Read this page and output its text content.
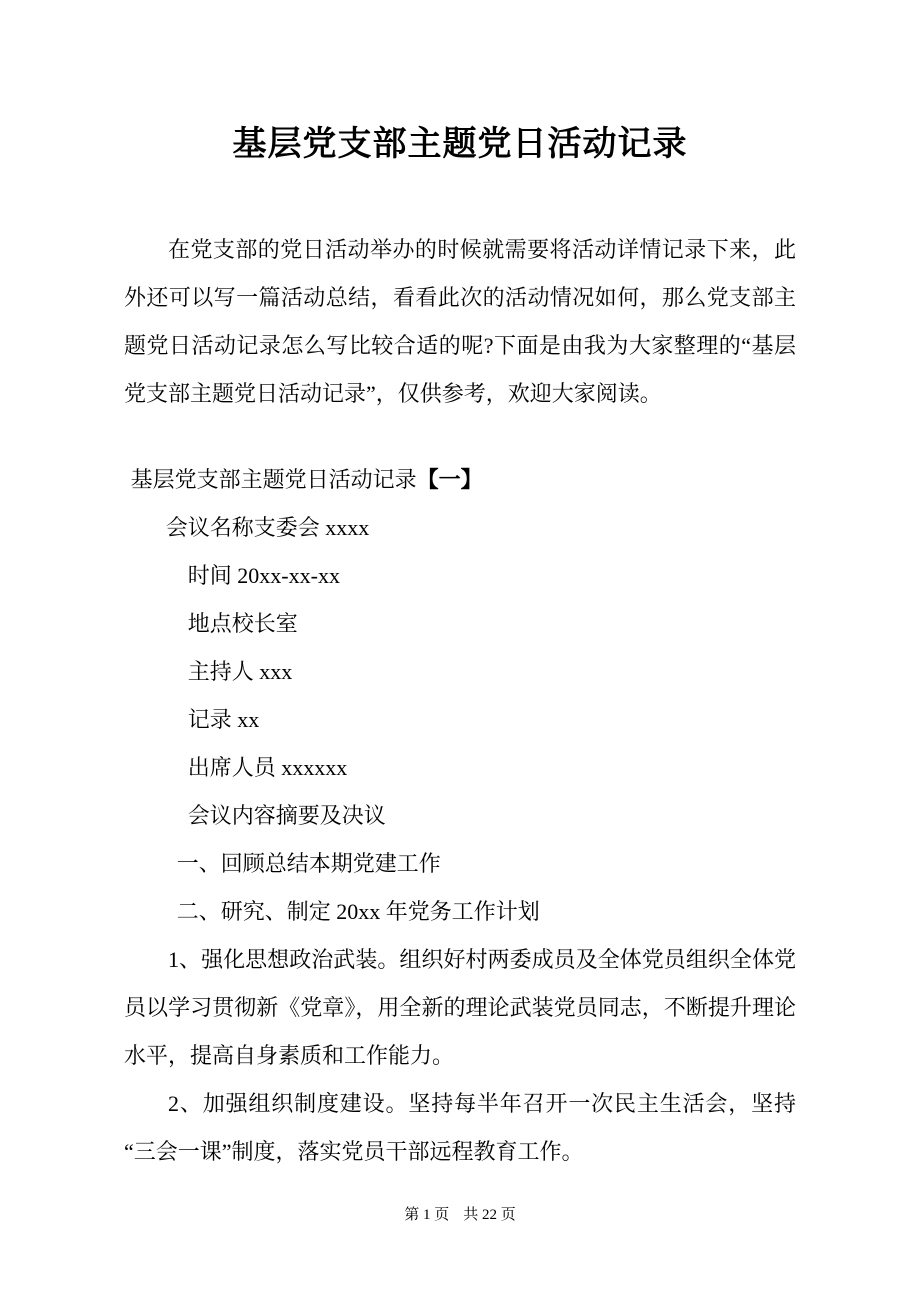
基层党支部主题党日活动记录

在党支部的党日活动举办的时候就需要将活动详情记录下来，此外还可以写一篇活动总结，看看此次的活动情况如何，那么党支部主题党日活动记录怎么写比较合适的呢?下面是由我为大家整理的“基层党支部主题党日活动记录”，仅供参考，欢迎大家阅读。

基层党支部主题党日活动记录【一】

会议名称支委会 xxxx

时间 20xx-xx-xx

地点校长室

主持人 xxx

记录 xx

出席人员 xxxxxx

会议内容摘要及决议

一、回顾总结本期党建工作

二、研究、制定 20xx 年党务工作计划

1、强化思想政治武装。组织好村两委成员及全体党员组织全体党员以学习贯彻新《党章》，用全新的理论武装党员同志，不断提升理论水平，提高自身素质和工作能力。

2、加强组织制度建设。坚持每半年召开一次民主生活会，坚持“三会一课”制度，落实党员干部远程教育工作。

第 1 页 共 22 页
